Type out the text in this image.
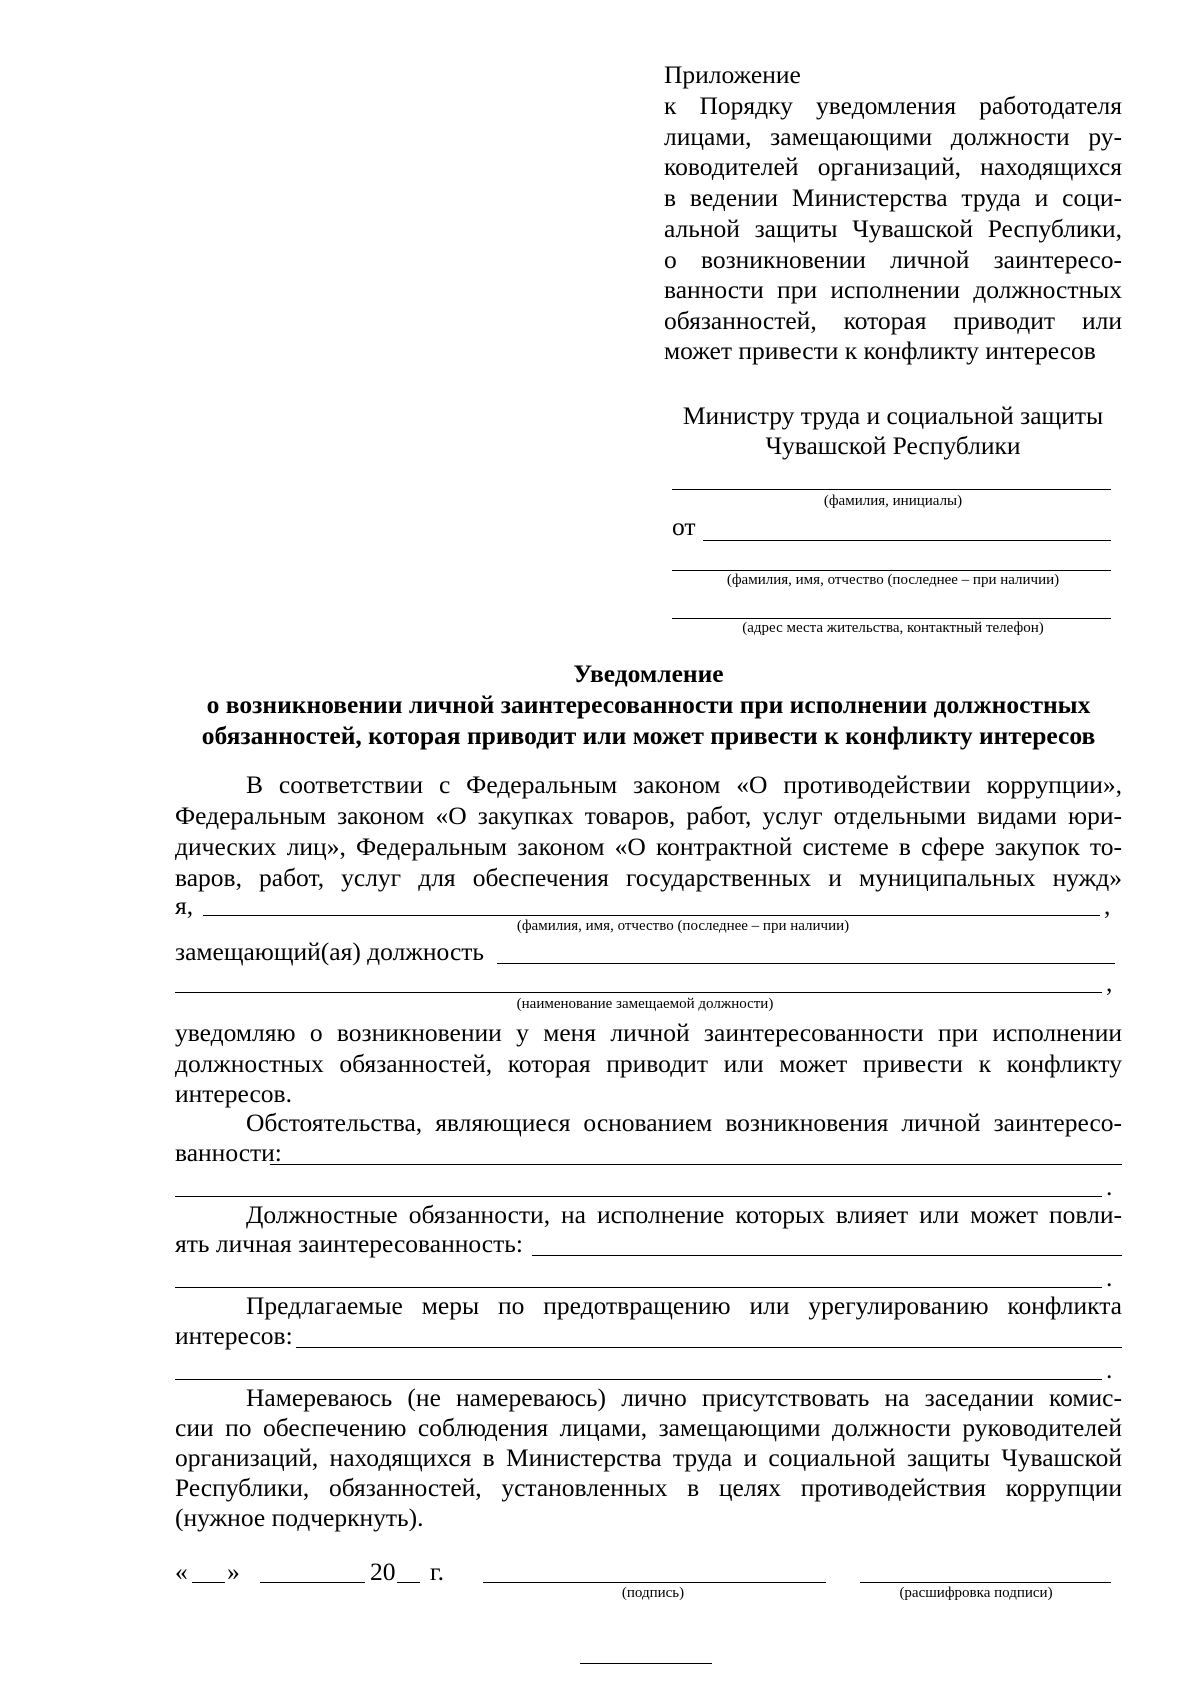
Приложение
к Порядку уведомления работодателя
лицами, замещающими должности ру-
ководителей организаций, находящихся
в ведении Министерства труда и соци-
альной защиты Чувашской Республики,
о возникновении личной заинтересо-
ванности при исполнении должностных
обязанностей, которая приводит или
может привести к конфликту интересов
Министру труда и социальной защиты
Чувашской Республики
(фамилия, инициалы)
от
(фамилия, имя, отчество (последнее – при наличии)
(адрес места жительства, контактный телефон)
Уведомление
о возникновении личной заинтересованности при исполнении должностных
обязанностей, которая приводит или может привести к конфликту интересов
В соответствии с Федеральным законом «О противодействии коррупции»,
Федеральным законом «О закупках товаров, работ, услуг отдельными видами юри-
дических лиц», Федеральным законом «О контрактной системе в сфере закупок то-
варов, работ, услуг для обеспечения государственных и муниципальных нужд»
я,	,
(фамилия, имя, отчество (последнее – при наличии)
замещающий(ая) должность
,
(наименование замещаемой должности)
уведомляю о возникновении у меня личной заинтересованности при исполнении
должностных обязанностей, которая приводит или может привести к конфликту
интересов.
Обстоятельства, являющиеся основанием возникновения личной заинтересо-
ванности:
.
Должностные обязанности, на исполнение которых влияет или может повли-
ять личная заинтересованность:
.
Предлагаемые меры по предотвращению или урегулированию конфликта
интересов:
.
Намереваюсь (не намереваюсь) лично присутствовать на заседании комис-
сии по обеспечению соблюдения лицами, замещающими должности руководителей
организаций, находящихся в Министерства труда и социальной защиты Чувашской
Республики, обязанностей, установленных в целях противодействия коррупции
(нужное подчеркнуть).
« »	20 г.
(подпись)	(расшифровка подписи)
